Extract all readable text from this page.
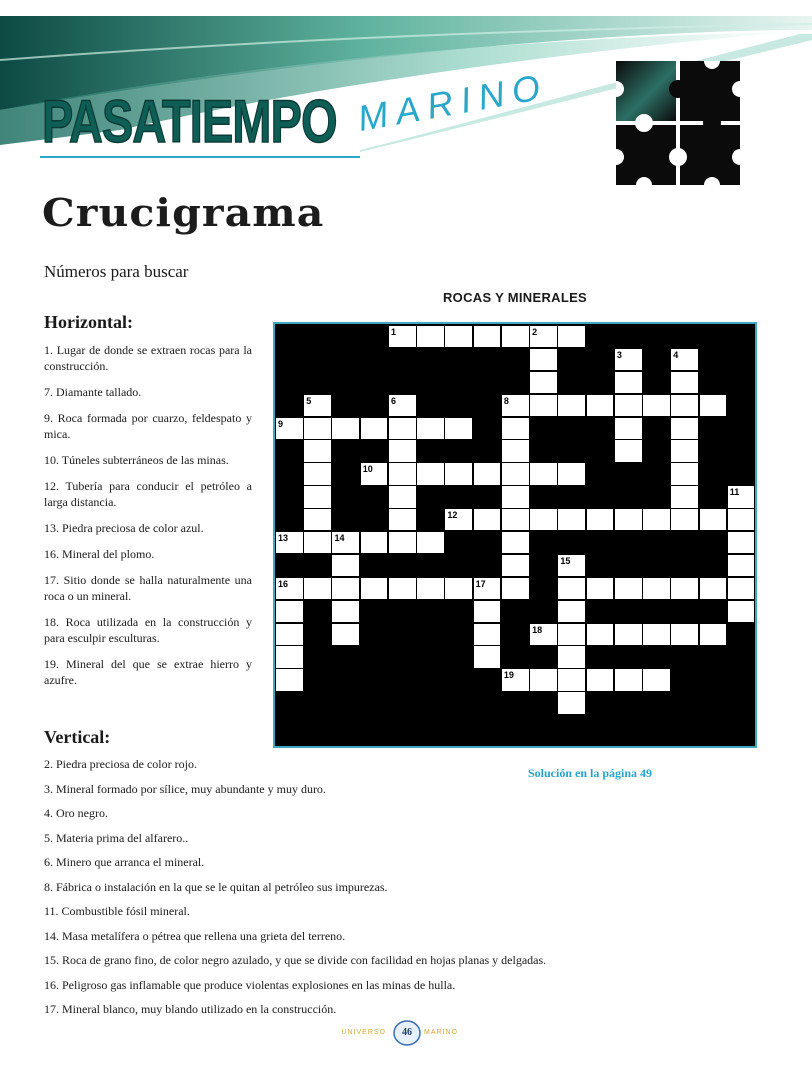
PASATIEMPO MARINO
Crucigrama
Números para buscar
ROCAS Y MINERALES
Horizontal:
1. Lugar de donde se extraen rocas para la construcción.
7. Diamante tallado.
9. Roca formada por cuarzo, feldespato y mica.
10. Túneles subterráneos de las minas.
12. Tubería para conducir el petróleo a larga distancia.
13. Piedra preciosa de color azul.
16. Mineral del plomo.
17. Sitio donde se halla naturalmente una roca o un mineral.
18. Roca utilizada en la construcción y para esculpir esculturas.
19. Mineral del que se extrae hierro y azufre.
1	2
3	4
5	6	7	8
9
10
11
12
13	14
15
16	17
18
19
Solución en la página 49
Vertical:
2. Piedra preciosa de color rojo.
3. Mineral formado por sílice, muy abundante y muy duro.
4. Oro negro.
5. Materia prima del alfarero..
6. Minero que arranca el mineral.
8. Fábrica o instalación en la que se le quitan al petróleo sus impurezas.
11. Combustible fósil mineral.
14. Masa metalífera o pétrea que rellena una grieta del terreno.
15. Roca de grano fino, de color negro azulado, y que se divide con facilidad en hojas planas y delgadas.
16. Peligroso gas inflamable que produce violentas explosiones en las minas de hulla.
17. Mineral blanco, muy blando utilizado en la construcción.
UNIVERSO	46	MARINO
